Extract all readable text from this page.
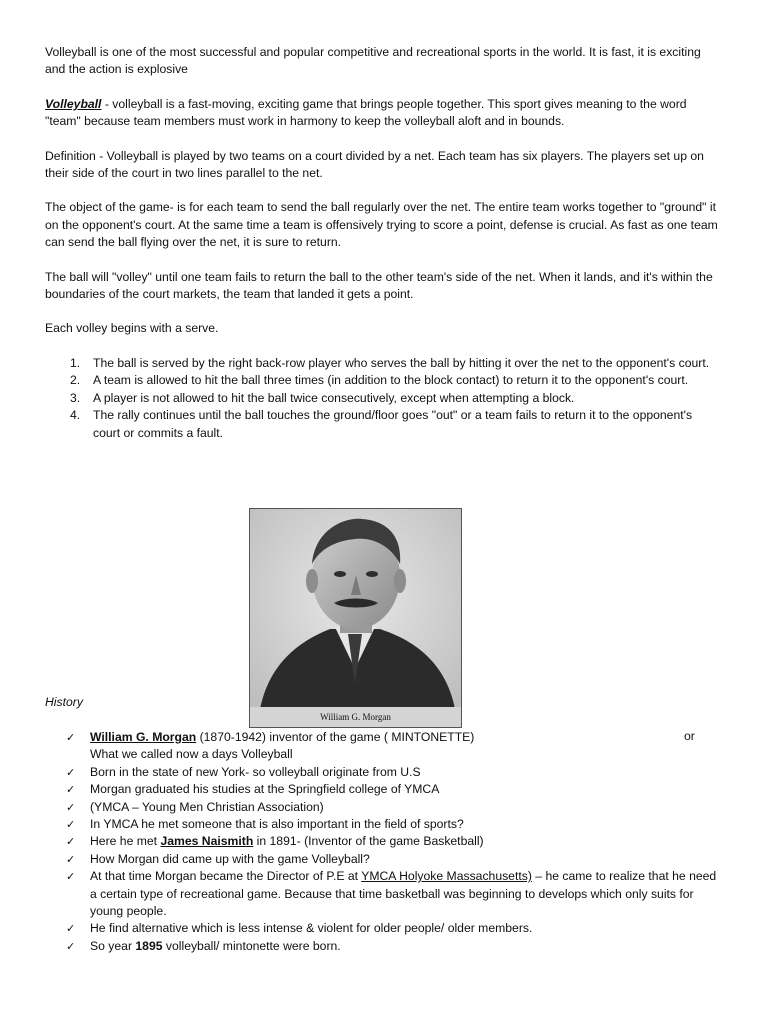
Volleyball is one of the most successful and popular competitive and recreational sports in the world. It is fast, it is exciting and the action is explosive

Volleyball - volleyball is a fast-moving, exciting game that brings people together. This sport gives meaning to the word "team" because team members must work in harmony to keep the volleyball aloft and in bounds.

Definition - Volleyball is played by two teams on a court divided by a net. Each team has six players. The players set up on their side of the court in two lines parallel to the net.

The object of the game- is for each team to send the ball regularly over the net. The entire team works together to "ground" it on the opponent's court. At the same time a team is offensively trying to score a point, defense is crucial. As fast as one team can send the ball flying over the net, it is sure to return.

The ball will "volley" until one team fails to return the ball to the other team's side of the net. When it lands, and it's within the boundaries of the court markets, the team that landed it gets a point.

Each volley begins with a serve.

1.	The ball is served by the right back-row player who serves the ball by hitting it over the net to the opponent's court.
2.	A team is allowed to hit the ball three times (in addition to the block contact) to return it to the opponent's court.
3.	A player is not allowed to hit the ball twice consecutively, except when attempting a block.
4.	The rally continues until the ball touches the ground/floor goes "out" or a team fails to return it to the opponent's court or commits a fault.
William G. Morgan
History
or
✓	William G. Morgan (1870-1942) inventor of the game ( MINTONETTE)
What we called now a days Volleyball
✓	Born in the state of new York- so volleyball originate from U.S
✓	Morgan graduated his studies at the Springfield college of YMCA
✓	(YMCA – Young Men Christian Association)
✓	In YMCA he met someone that is also important in the field of sports?
✓	Here he met James Naismith in 1891- (Inventor of the game Basketball)
✓	How Morgan did came up with the game Volleyball?
✓	At that time Morgan became the Director of P.E at YMCA Holyoke Massachusetts) – he came to realize that he need a certain type of recreational game. Because that time basketball was beginning to develops which only suits for young people.
✓	He find alternative which is less intense & violent for older people/ older members.
✓	So year 1895 volleyball/ mintonette were born.
